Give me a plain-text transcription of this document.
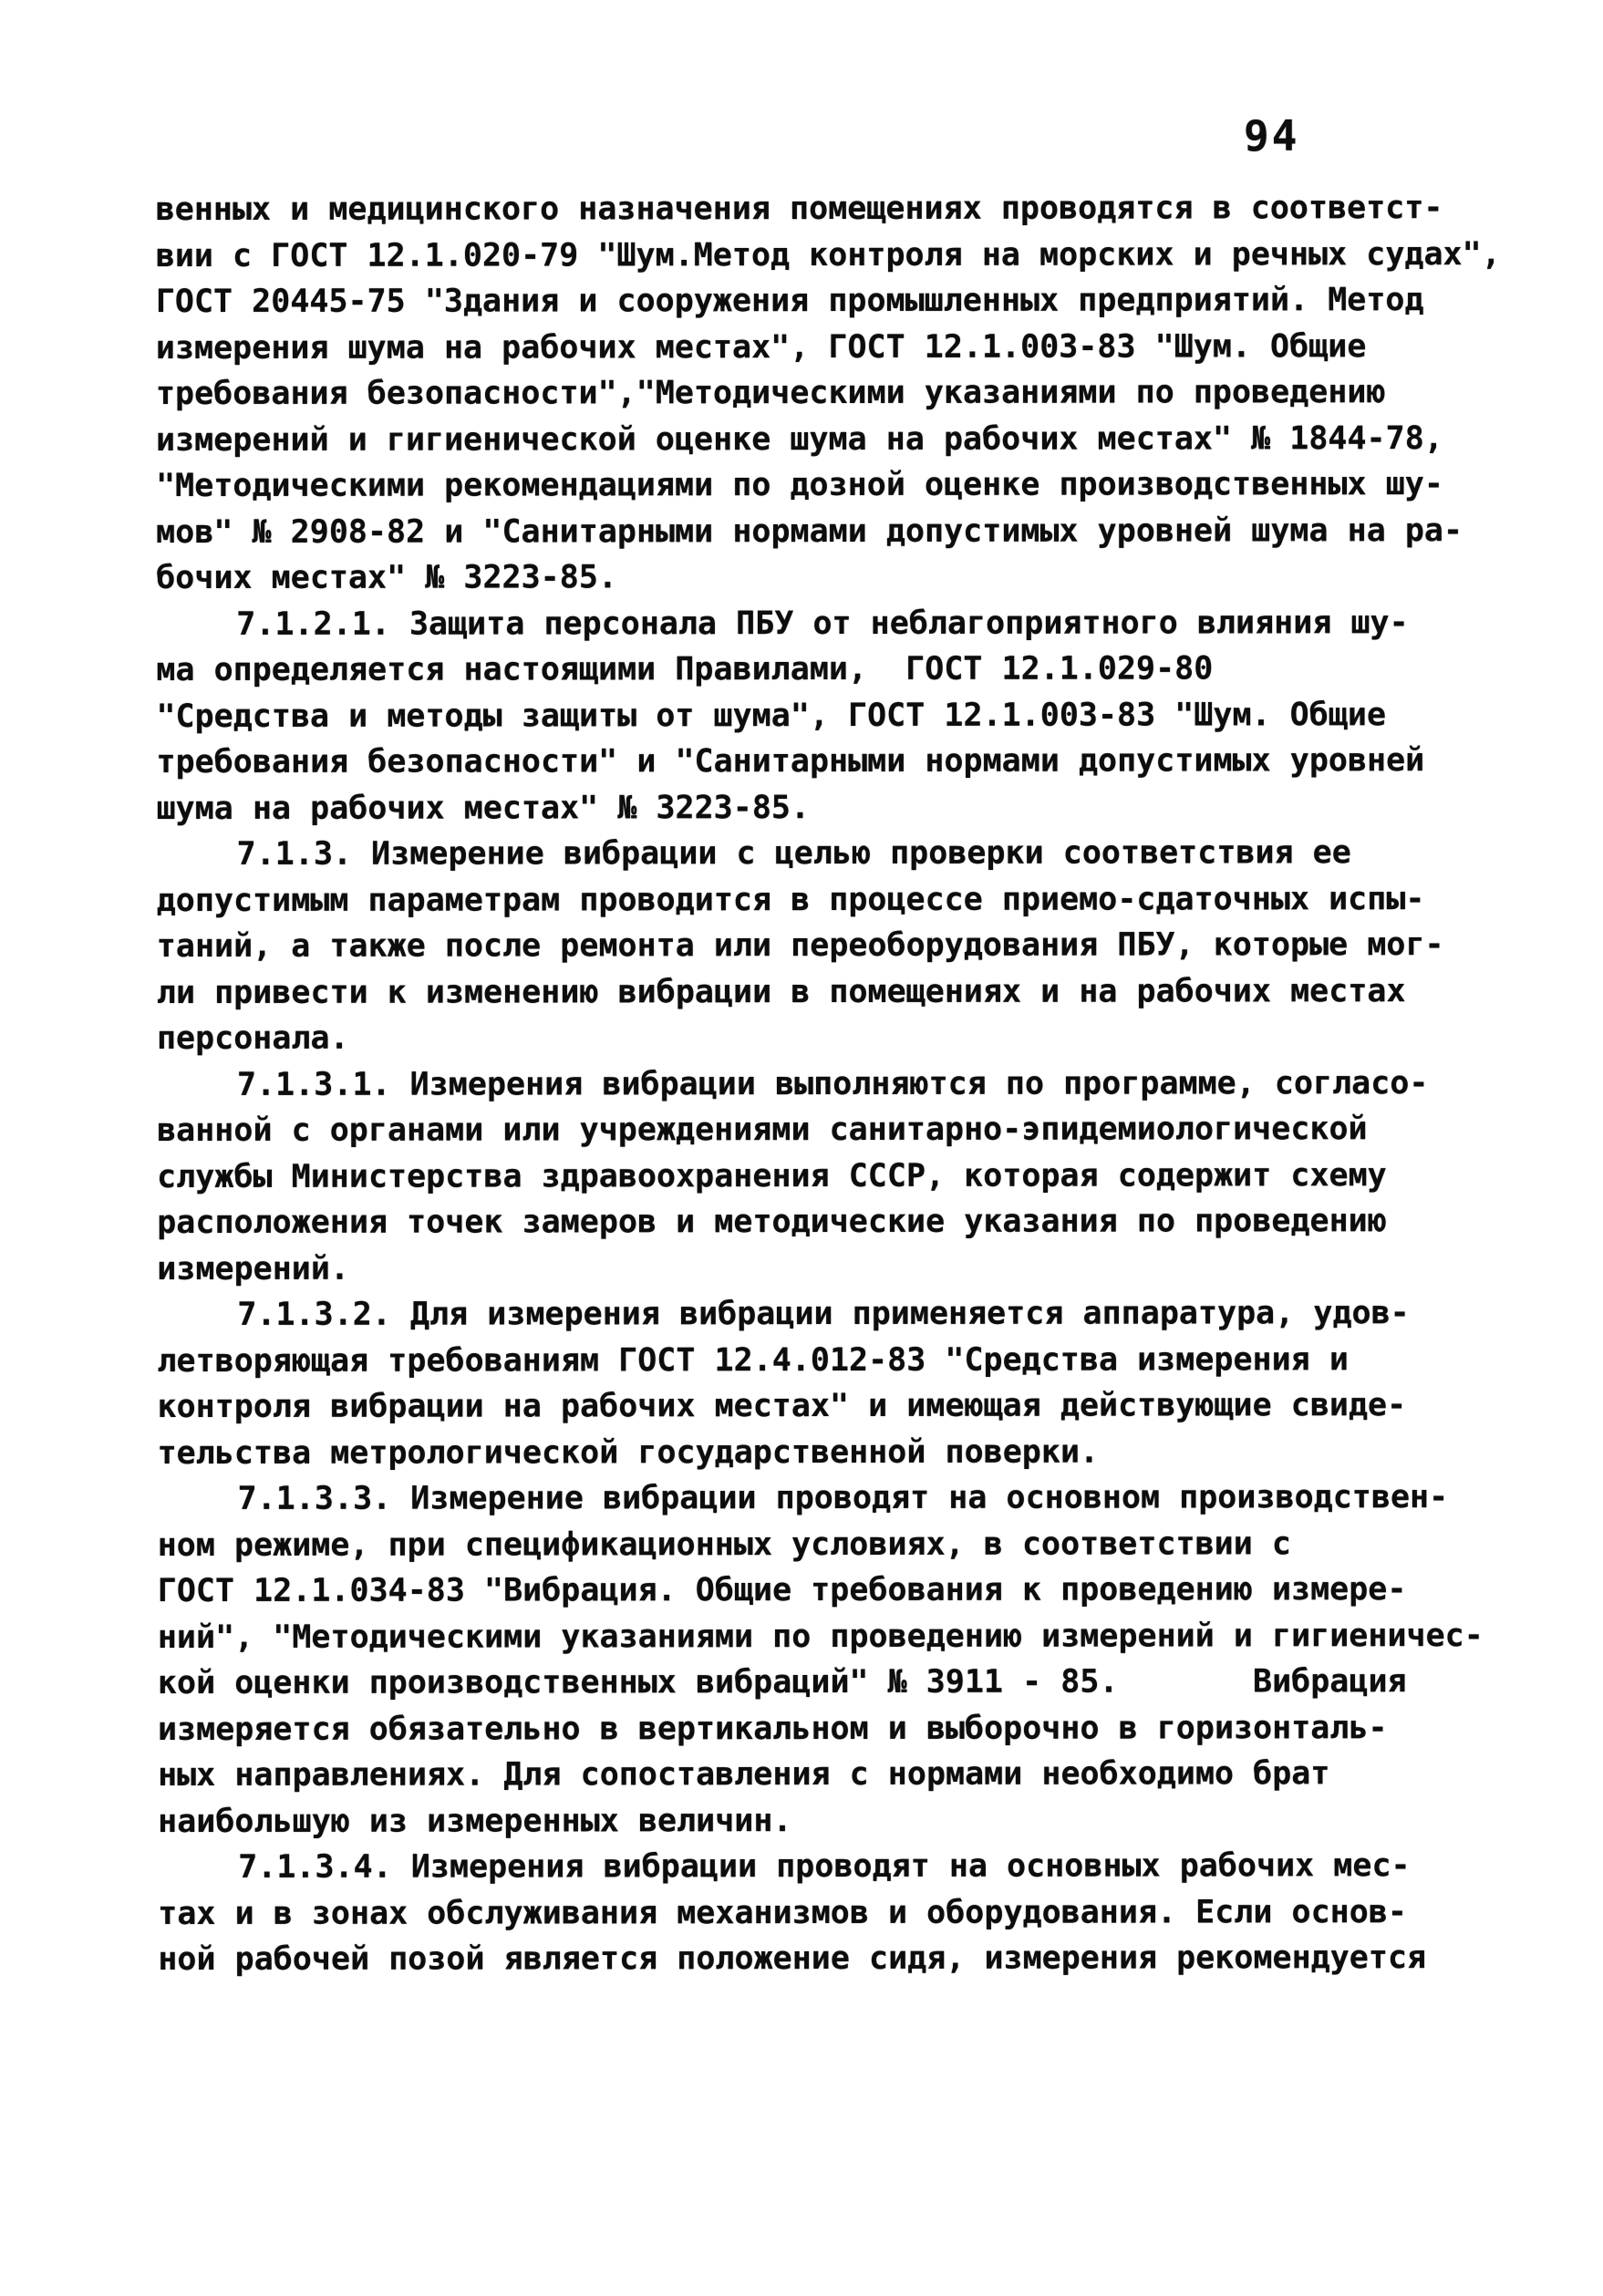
94
венных и медицинского назначения помещениях проводятся в соответст-
вии с ГОСТ 12.1.020-79 "Шум.Метод контроля на морских и речных судах",
ГОСТ 20445-75 "Здания и сооружения промышленных предприятий. Метод
измерения шума на рабочих местах", ГОСТ 12.1.003-83 "Шум. Общие
требования безопасности","Методическими указаниями по проведению
измерений и гигиенической оценке шума на рабочих местах" № 1844-78,
"Методическими рекомендациями по дозной оценке производственных шу-
мов" № 2908-82 и "Санитарными нормами допустимых уровней шума на ра-
бочих местах" № 3223-85.
7.1.2.1. Защита персонала ПБУ от неблагоприятного влияния шу-
ма определяется настоящими Правилами,  ГОСТ 12.1.029-80
"Средства и методы защиты от шума", ГОСТ 12.1.003-83 "Шум. Общие
требования безопасности" и "Санитарными нормами допустимых уровней
шума на рабочих местах" № 3223-85.
7.1.3. Измерение вибрации с целью проверки соответствия ее
допустимым параметрам проводится в процессе приемо-сдаточных испы-
таний, а также после ремонта или переоборудования ПБУ, которые мог-
ли привести к изменению вибрации в помещениях и на рабочих местах
персонала.
7.1.3.1. Измерения вибрации выполняются по программе, согласо-
ванной с органами или учреждениями санитарно-эпидемиологической
службы Министерства здравоохранения СССР, которая содержит схему
расположения точек замеров и методические указания по проведению
измерений.
7.1.3.2. Для измерения вибрации применяется аппаратура, удов-
летворяющая требованиям ГОСТ 12.4.012-83 "Средства измерения и
контроля вибрации на рабочих местах" и имеющая действующие свиде-
тельства метрологической государственной поверки.
7.1.3.3. Измерение вибрации проводят на основном производствен-
ном режиме, при спецификационных условиях, в соответствии с
ГОСТ 12.1.034-83 "Вибрация. Общие требования к проведению измере-
ний", "Методическими указаниями по проведению измерений и гигиеничес-
кой оценки производственных вибраций" № 3911 - 85.       Вибрация
измеряется обязательно в вертикальном и выборочно в горизонталь-
ных направлениях. Для сопоставления с нормами необходимо брат
наибольшую из измеренных величин.
7.1.3.4. Измерения вибрации проводят на основных рабочих мес-
тах и в зонах обслуживания механизмов и оборудования. Если основ-
ной рабочей позой является положение сидя, измерения рекомендуется
